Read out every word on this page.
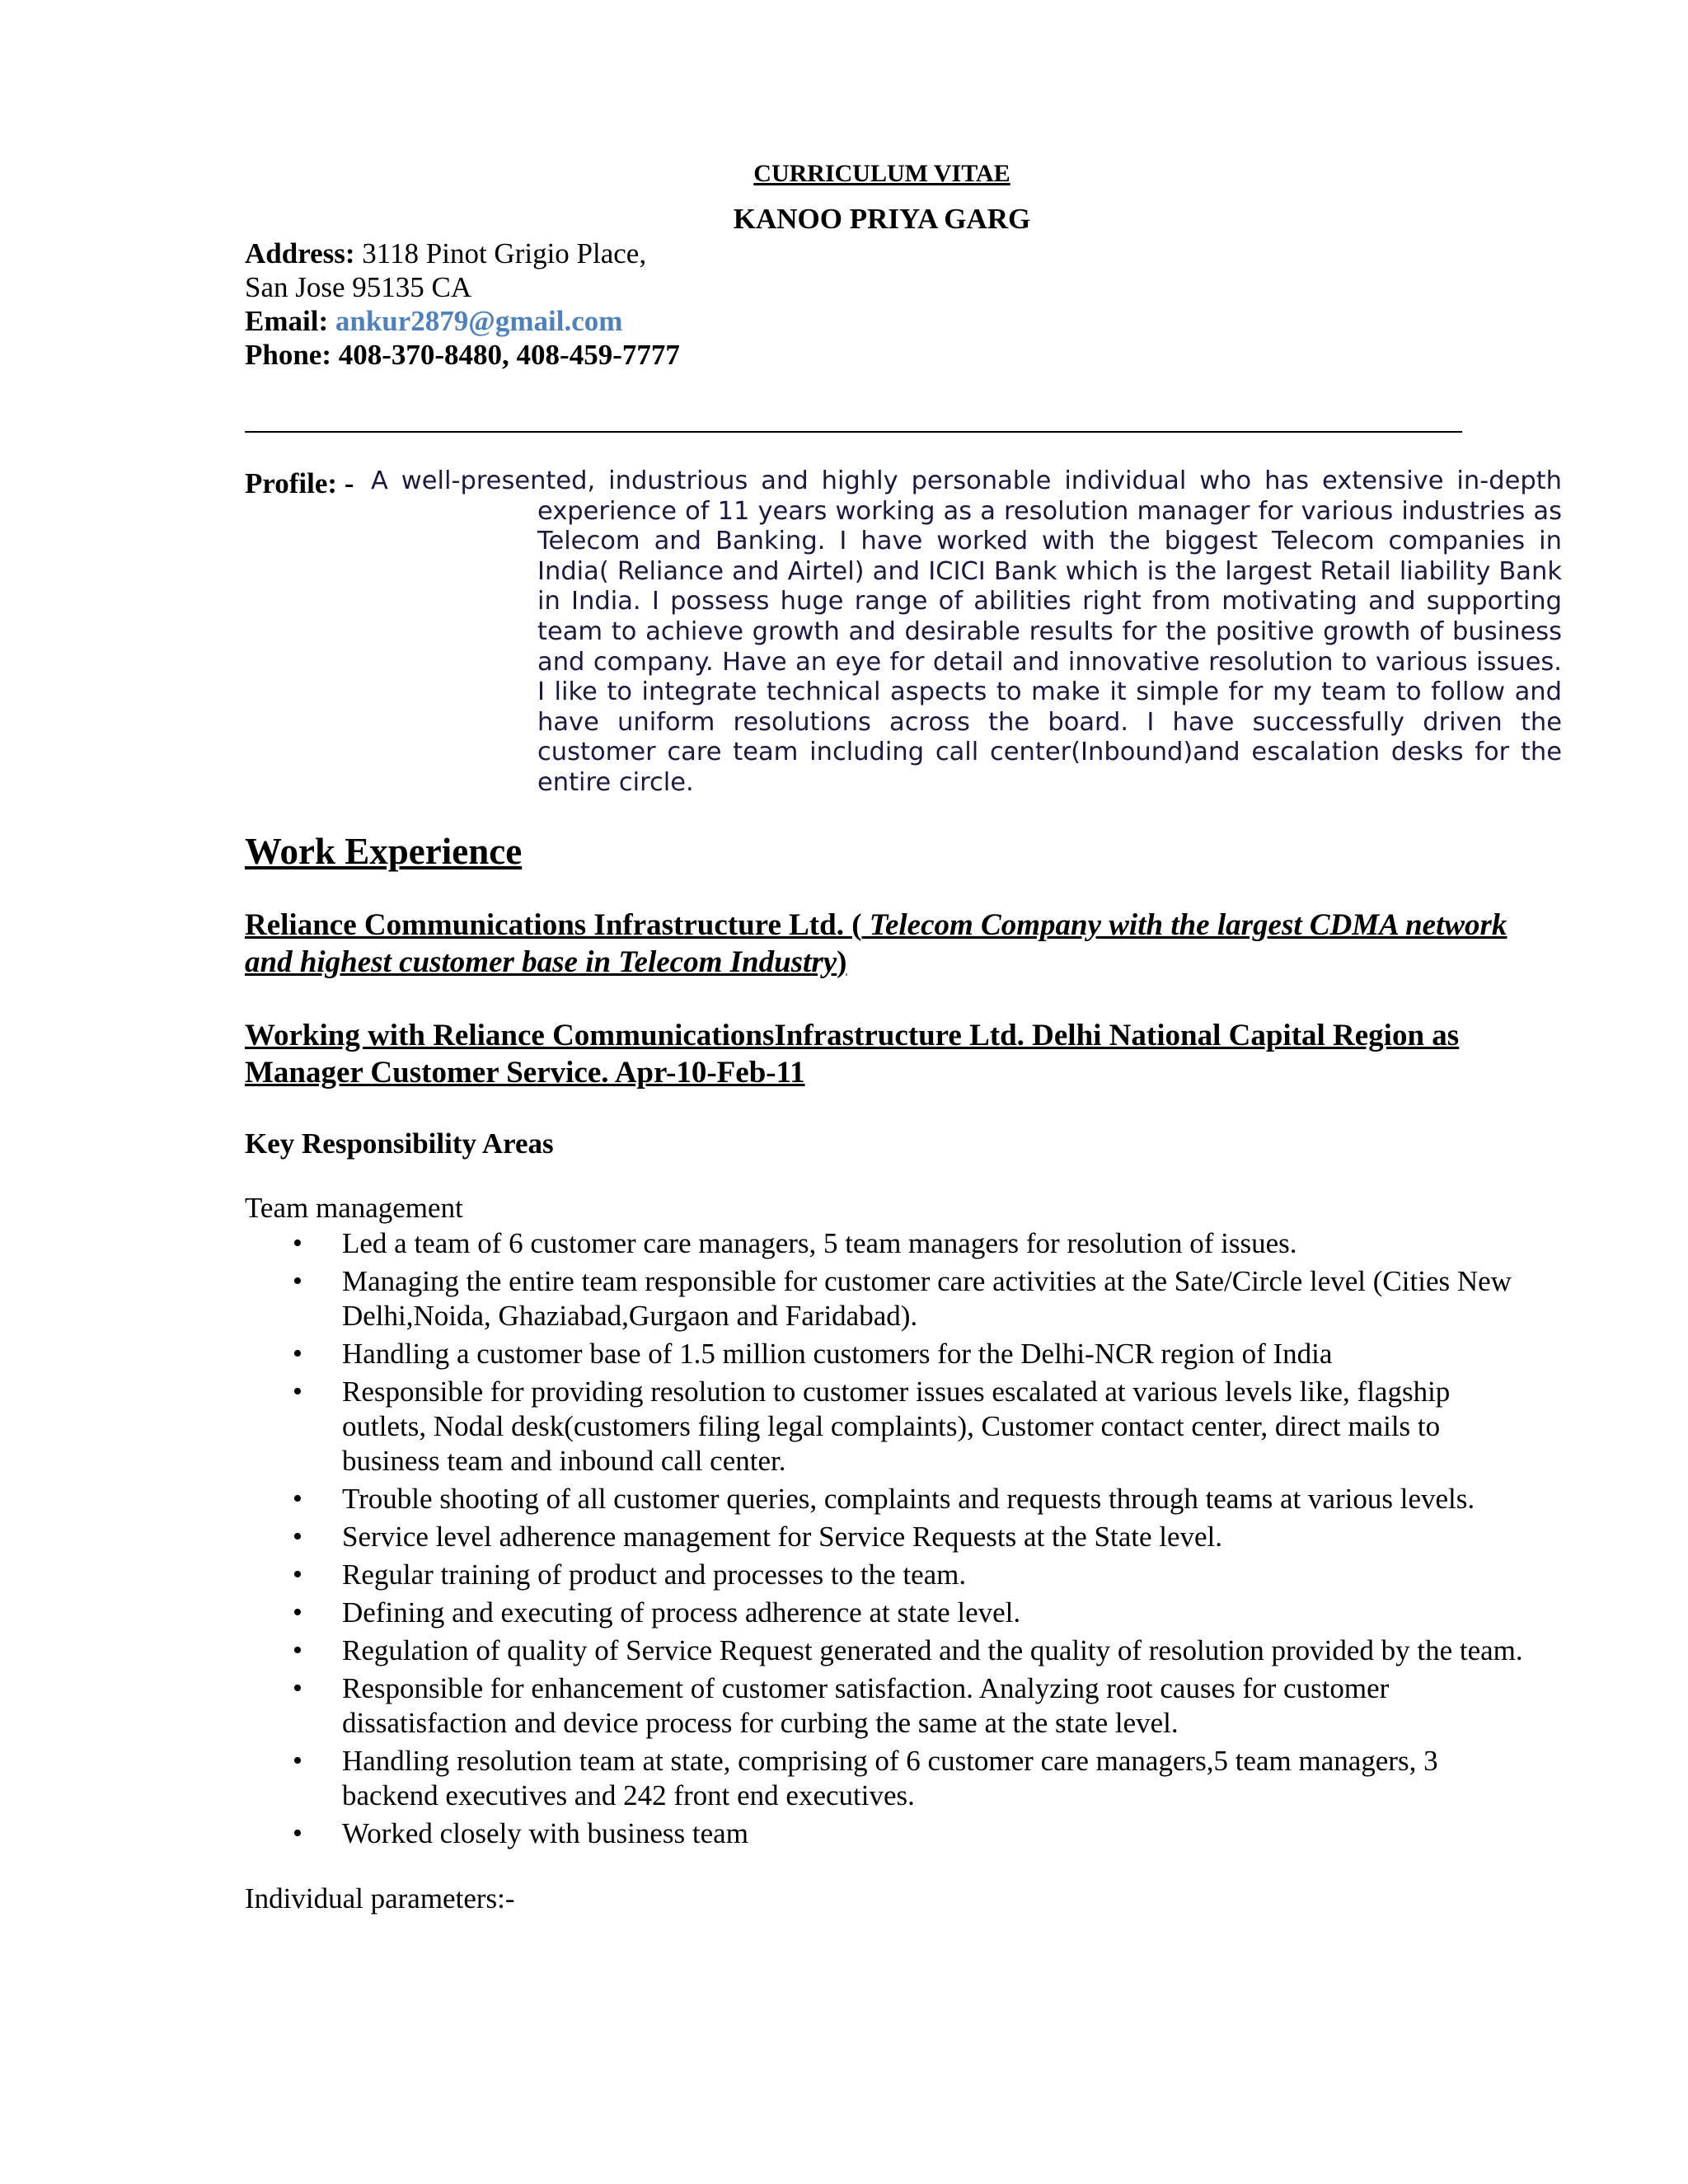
CURRICULUM VITAE
KANOO PRIYA GARG
Address: 3118 Pinot Grigio Place,
San Jose 95135 CA
Email: ankur2879@gmail.com
Phone: 408-370-8480, 408-459-7777
Profile: - A well-presented, industrious and highly personable individual who has extensive in-depth
experience of 11 years working as a resolution manager for various industries as Telecom and Banking. I have worked with the biggest Telecom companies in India( Reliance and Airtel) and ICICI Bank which is the largest Retail liability Bank in India. I possess huge range of abilities right from motivating and supporting team to achieve growth and desirable results for the positive growth of business and company. Have an eye for detail and innovative resolution to various issues. I like to integrate technical aspects to make it simple for my team to follow and have uniform resolutions across the board. I have successfully driven the customer care team including call center(Inbound)and escalation desks for the entire circle.
Work Experience
Reliance Communications Infrastructure Ltd. ( Telecom Company with the largest CDMA network and highest customer base in Telecom Industry)
Working with Reliance CommunicationsInfrastructure Ltd. Delhi National Capital Region as Manager Customer Service. Apr-10-Feb-11
Key Responsibility Areas
Team management
• Led a team of 6 customer care managers, 5 team managers for resolution of issues.
• Managing the entire team responsible for customer care activities at the Sate/Circle level (Cities New Delhi,Noida, Ghaziabad,Gurgaon and Faridabad).
• Handling a customer base of 1.5 million customers for the Delhi-NCR region of India
• Responsible for providing resolution to customer issues escalated at various levels like, flagship outlets, Nodal desk(customers filing legal complaints), Customer contact center, direct mails to business team and inbound call center.
• Trouble shooting of all customer queries, complaints and requests through teams at various levels.
• Service level adherence management for Service Requests at the State level.
• Regular training of product and processes to the team.
• Defining and executing of process adherence at state level.
• Regulation of quality of Service Request generated and the quality of resolution provided by the team.
• Responsible for enhancement of customer satisfaction. Analyzing root causes for customer dissatisfaction and device process for curbing the same at the state level.
• Handling resolution team at state, comprising of 6 customer care managers,5 team managers, 3 backend executives and 242 front end executives.
• Worked closely with business team
Individual parameters:-
